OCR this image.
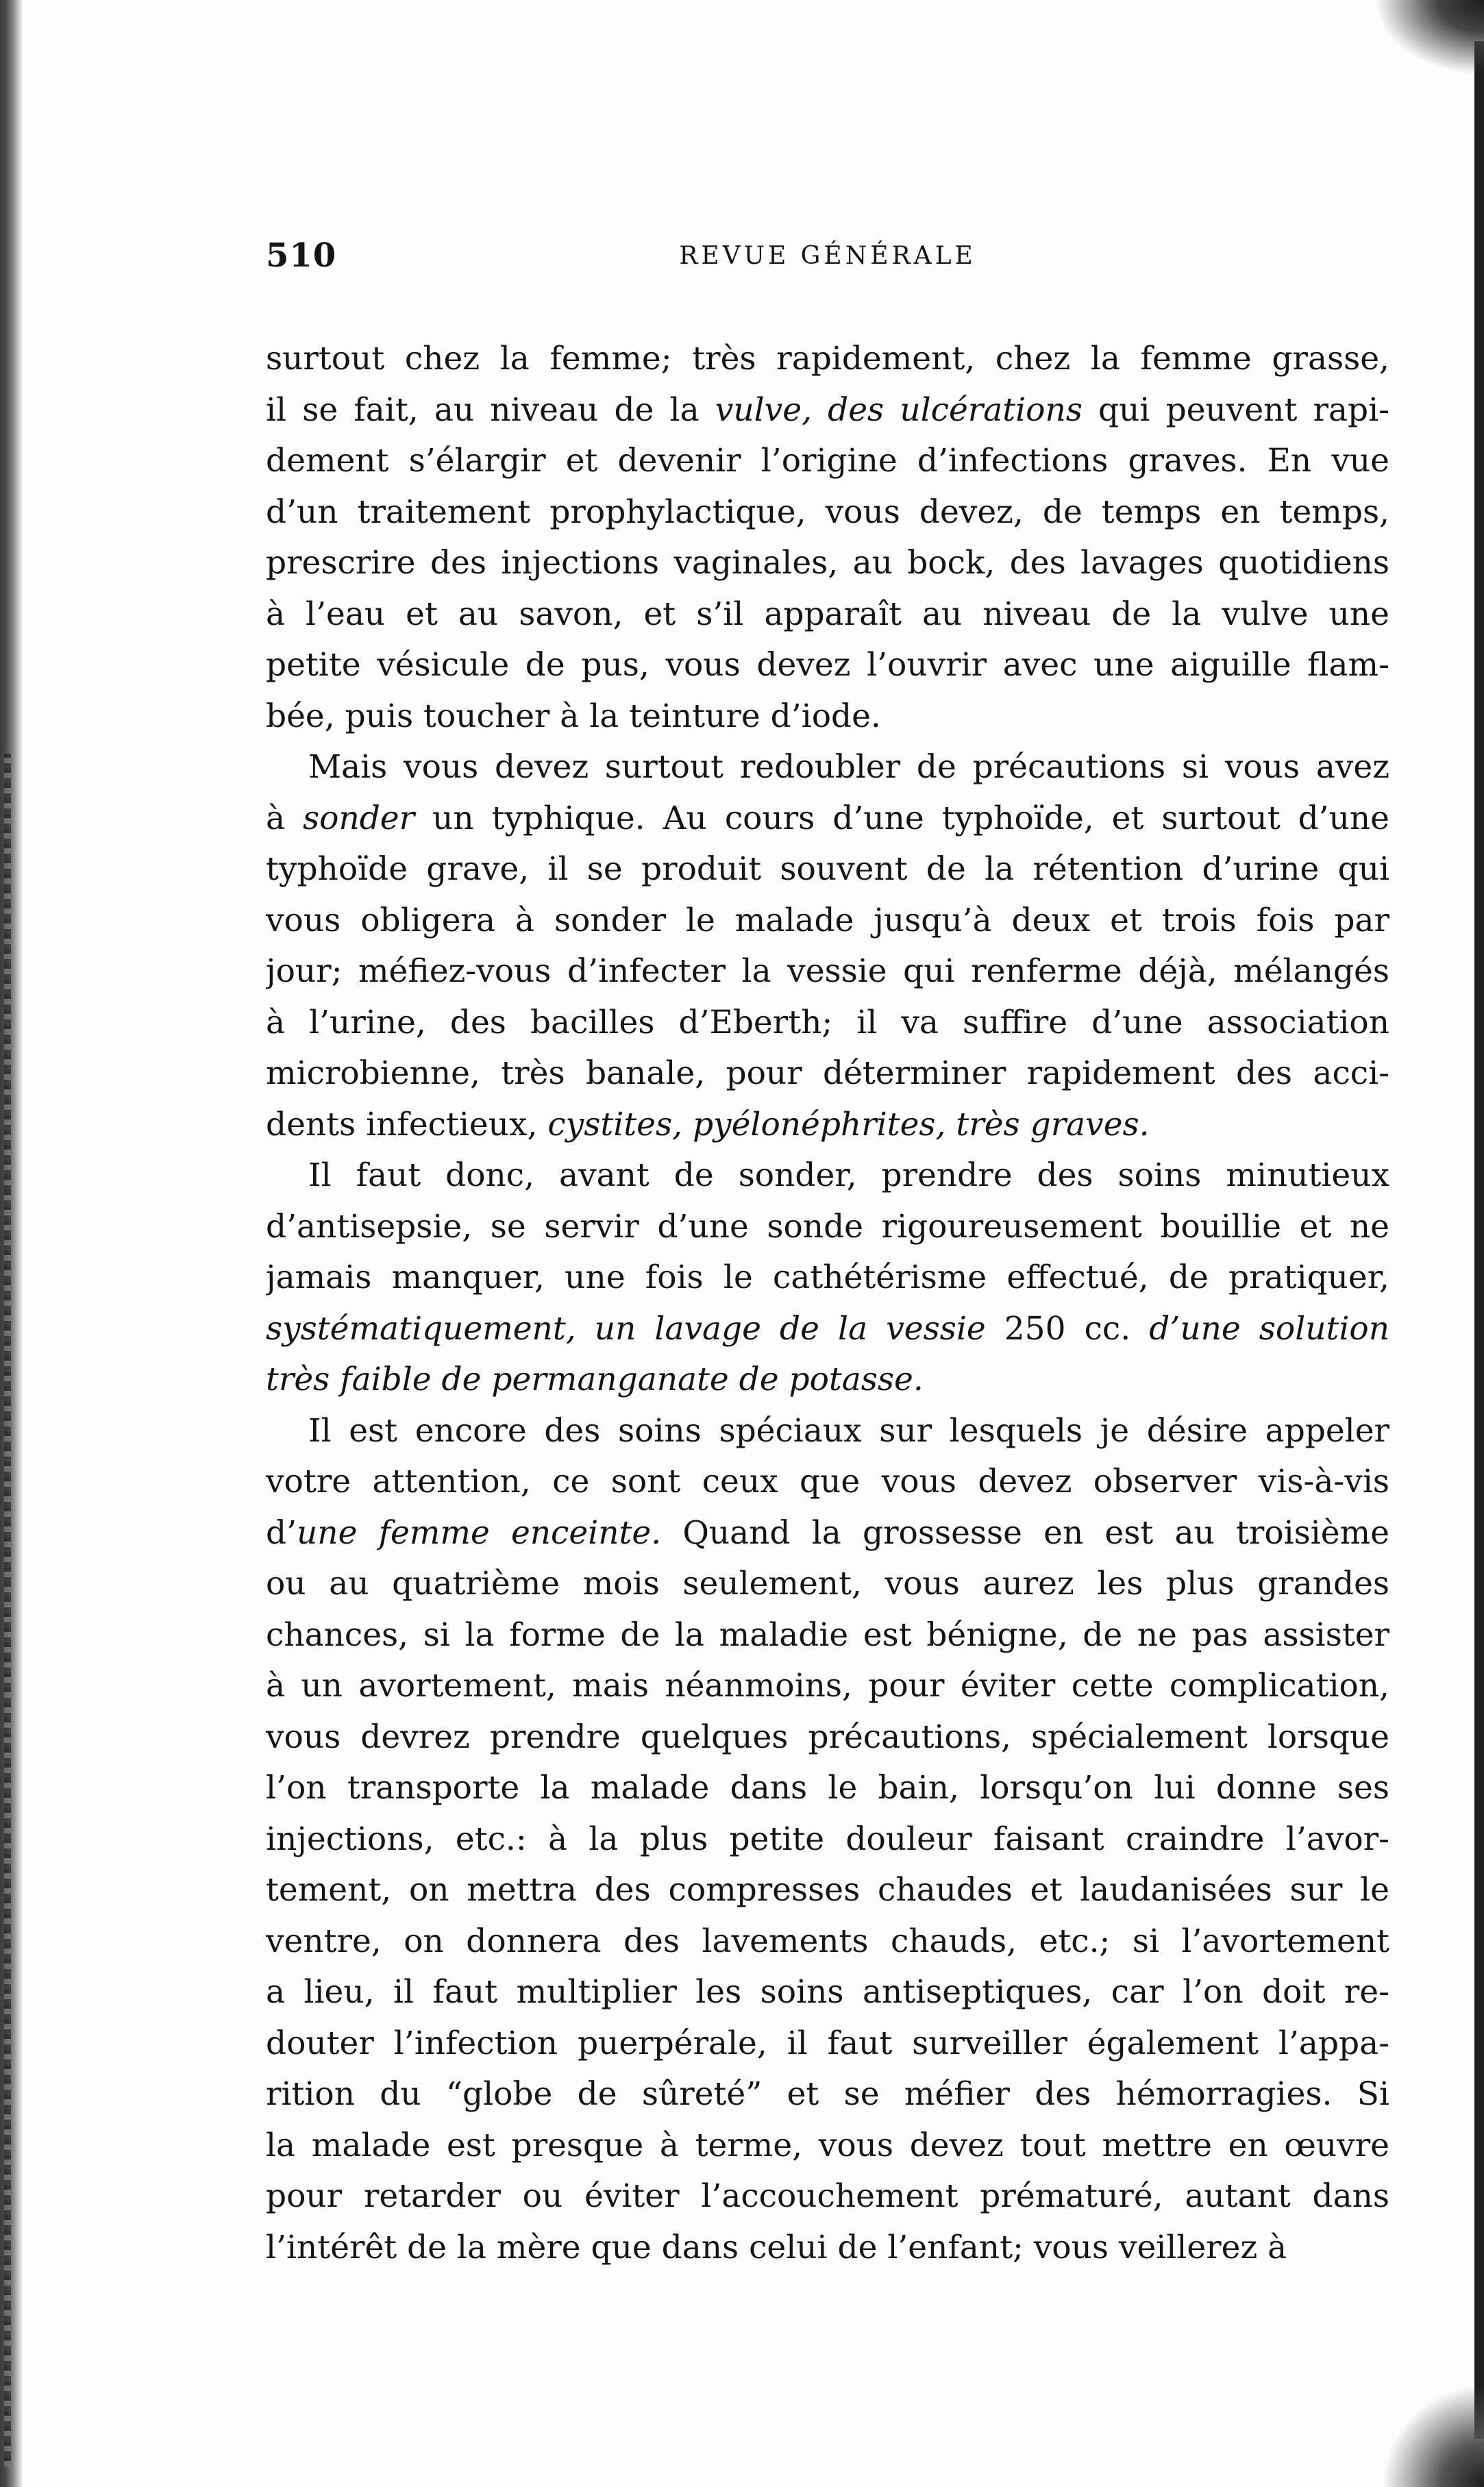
510	REVUE GÉNÉRALE
surtout chez la femme; très rapidement, chez la femme grasse,
il se fait, au niveau de la vulve, des ulcérations qui peuvent rapi-
dement s’élargir et devenir l’origine d’infections graves. En vue
d’un traitement prophylactique, vous devez, de temps en temps,
prescrire des injections vaginales, au bock, des lavages quotidiens
à l’eau et au savon, et s’il apparaît au niveau de la vulve une
petite vésicule de pus, vous devez l’ouvrir avec une aiguille flam-
bée, puis toucher à la teinture d’iode.
Mais vous devez surtout redoubler de précautions si vous avez
à sonder un typhique. Au cours d’une typhoïde, et surtout d’une
typhoïde grave, il se produit souvent de la rétention d’urine qui
vous obligera à sonder le malade jusqu’à deux et trois fois par
jour; méfiez-vous d’infecter la vessie qui renferme déjà, mélangés
à l’urine, des bacilles d’Eberth; il va suffire d’une association
microbienne, très banale, pour déterminer rapidement des acci-
dents infectieux, cystites, pyélonéphrites, très graves.
Il faut donc, avant de sonder, prendre des soins minutieux
d’antisepsie, se servir d’une sonde rigoureusement bouillie et ne
jamais manquer, une fois le cathétérisme effectué, de pratiquer,
systématiquement, un lavage de la vessie 250 cc. d’une solution
très faible de permanganate de potasse.
Il est encore des soins spéciaux sur lesquels je désire appeler
votre attention, ce sont ceux que vous devez observer vis-à-vis
d’une femme enceinte. Quand la grossesse en est au troisième
ou au quatrième mois seulement, vous aurez les plus grandes
chances, si la forme de la maladie est bénigne, de ne pas assister
à un avortement, mais néanmoins, pour éviter cette complication,
vous devrez prendre quelques précautions, spécialement lorsque
l’on transporte la malade dans le bain, lorsqu’on lui donne ses
injections, etc.: à la plus petite douleur faisant craindre l’avor-
tement, on mettra des compresses chaudes et laudanisées sur le
ventre, on donnera des lavements chauds, etc.; si l’avortement
a lieu, il faut multiplier les soins antiseptiques, car l’on doit re-
douter l’infection puerpérale, il faut surveiller également l’appa-
rition du “globe de sûreté” et se méfier des hémorragies. Si
la malade est presque à terme, vous devez tout mettre en œuvre
pour retarder ou éviter l’accouchement prématuré, autant dans
l’intérêt de la mère que dans celui de l’enfant; vous veillerez à
